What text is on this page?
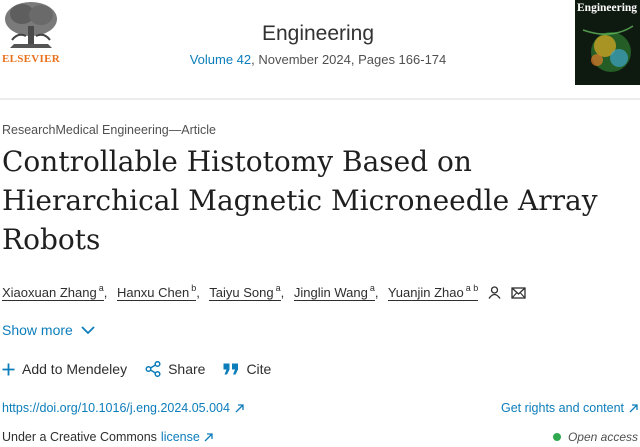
ELSEVIER
Engineering
Volume 42, November 2024, Pages 166-174
Engineering
ResearchMedical Engineering—Article
Controllable Histotomy Based on Hierarchical Magnetic Microneedle Array Robots
Xiaoxuan Zhang $^a$, Hanxu Chen $^b$, Taiyu Song $^a$, Jinglin Wang $^a$, Yuanjin Zhao $^{a b}$
Show more
Add to Mendeley	Share	Cite
https://doi.org/10.1016/j.eng.2024.05.004	Get rights and content
Under a Creative Commons license	Open access
